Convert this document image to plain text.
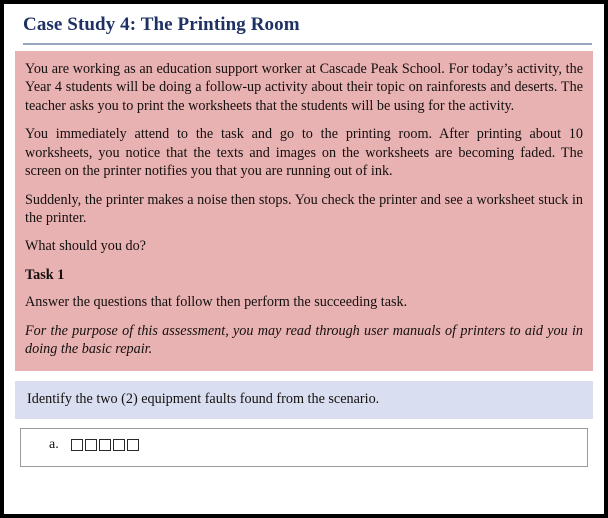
Case Study 4: The Printing Room

You are working as an education support worker at Cascade Peak School. For today’s activity, the Year 4 students will be doing a follow-up activity about their topic on rainforests and deserts. The teacher asks you to print the worksheets that the students will be using for the activity.

You immediately attend to the task and go to the printing room. After printing about 10 worksheets, you notice that the texts and images on the worksheets are becoming faded. The screen on the printer notifies you that you are running out of ink.

Suddenly, the printer makes a noise then stops. You check the printer and see a worksheet stuck in the printer.

What should you do?

Task 1

Answer the questions that follow then perform the succeeding task.

For the purpose of this assessment, you may read through user manuals of printers to aid you in doing the basic repair.

Identify the two (2) equipment faults found from the scenario.
a.
